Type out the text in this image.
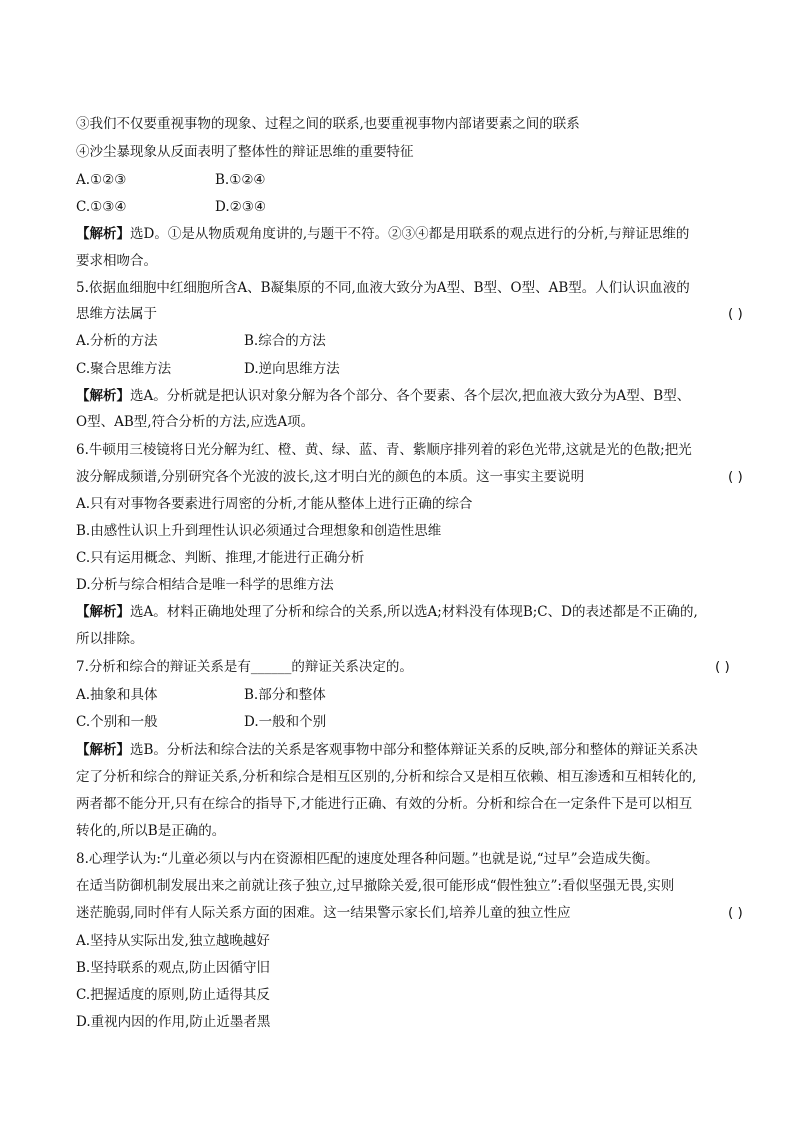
③我们不仅要重视事物的现象、过程之间的联系,也要重视事物内部诸要素之间的联系
④沙尘暴现象从反面表明了整体性的辩证思维的重要特征
A.①②③	B.①②④
C.①③④	D.②③④
【解析】选D。①是从物质观角度讲的,与题干不符。②③④都是用联系的观点进行的分析,与辩证思维的
要求相吻合。
5.依据血细胞中红细胞所含A、B凝集原的不同,血液大致分为A型、B型、O型、AB型。人们认识血液的
思维方法属于	( )
A.分析的方法	B.综合的方法
C.聚合思维方法	D.逆向思维方法
【解析】选A。分析就是把认识对象分解为各个部分、各个要素、各个层次,把血液大致分为A型、B型、
O型、AB型,符合分析的方法,应选A项。
6.牛顿用三棱镜将日光分解为红、橙、黄、绿、蓝、青、紫顺序排列着的彩色光带,这就是光的色散;把光
波分解成频谱,分别研究各个光波的波长,这才明白光的颜色的本质。这一事实主要说明	( )
A.只有对事物各要素进行周密的分析,才能从整体上进行正确的综合
B.由感性认识上升到理性认识必须通过合理想象和创造性思维
C.只有运用概念、判断、推理,才能进行正确分析
D.分析与综合相结合是唯一科学的思维方法
【解析】选A。材料正确地处理了分析和综合的关系,所以选A;材料没有体现B;C、D的表述都是不正确的,
所以排除。
7.分析和综合的辩证关系是有______的辩证关系决定的。	( )
A.抽象和具体	B.部分和整体
C.个别和一般	D.一般和个别
【解析】选B。分析法和综合法的关系是客观事物中部分和整体辩证关系的反映,部分和整体的辩证关系决
定了分析和综合的辩证关系,分析和综合是相互区别的,分析和综合又是相互依赖、相互渗透和互相转化的,
两者都不能分开,只有在综合的指导下,才能进行正确、有效的分析。分析和综合在一定条件下是可以相互
转化的,所以B是正确的。
8.心理学认为:“儿童必须以与内在资源相匹配的速度处理各种问题。”也就是说,“过早”会造成失衡。
在适当防御机制发展出来之前就让孩子独立,过早撤除关爱,很可能形成“假性独立”:看似坚强无畏,实则
迷茫脆弱,同时伴有人际关系方面的困难。这一结果警示家长们,培养儿童的独立性应	( )
A.坚持从实际出发,独立越晚越好
B.坚持联系的观点,防止因循守旧
C.把握适度的原则,防止适得其反
D.重视内因的作用,防止近墨者黑
